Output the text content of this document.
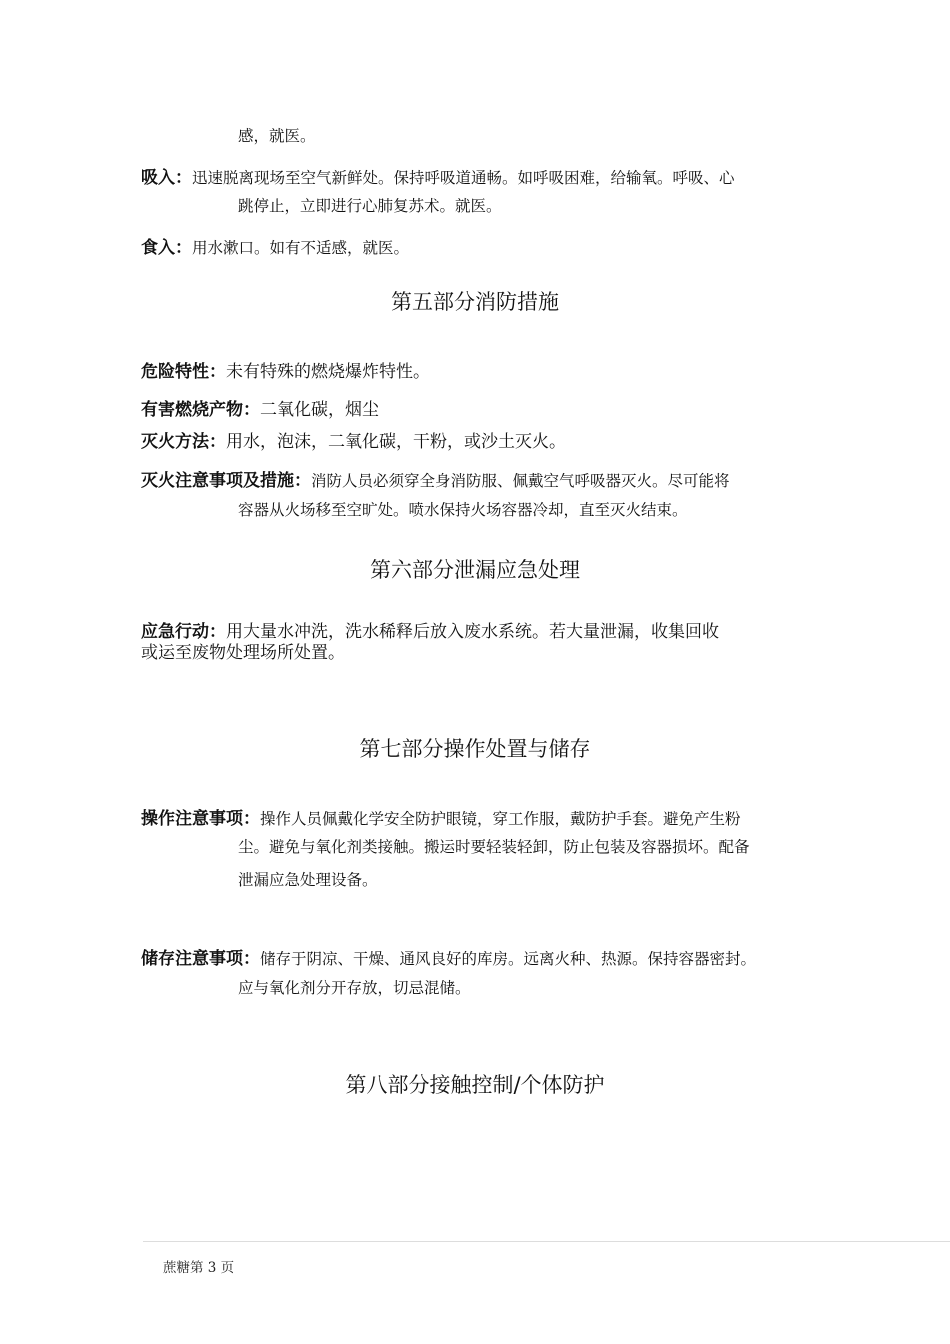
感，就医。
吸入：迅速脱离现场至空气新鲜处。保持呼吸道通畅。如呼吸困难，给输氧。呼吸、心
跳停止，立即进行心肺复苏术。就医。
食入：用水漱口。如有不适感，就医。
第五部分消防措施
危险特性：未有特殊的燃烧爆炸特性。
有害燃烧产物：二氧化碳，烟尘
灭火方法：用水，泡沫，二氧化碳，干粉，或沙土灭火。
灭火注意事项及措施：消防人员必须穿全身消防服、佩戴空气呼吸器灭火。尽可能将
容器从火场移至空旷处。喷水保持火场容器冷却，直至灭火结束。
第六部分泄漏应急处理
应急行动：用大量水冲洗，洗水稀释后放入废水系统。若大量泄漏，收集回收
或运至废物处理场所处置。
第七部分操作处置与储存
操作注意事项：操作人员佩戴化学安全防护眼镜，穿工作服，戴防护手套。避免产生粉
尘。避免与氧化剂类接触。搬运时要轻装轻卸，防止包装及容器损坏。配备
泄漏应急处理设备。
储存注意事项：储存于阴凉、干燥、通风良好的库房。远离火种、热源。保持容器密封。
应与氧化剂分开存放，切忌混储。
第八部分接触控制/个体防护
蔗糖第 3 页
